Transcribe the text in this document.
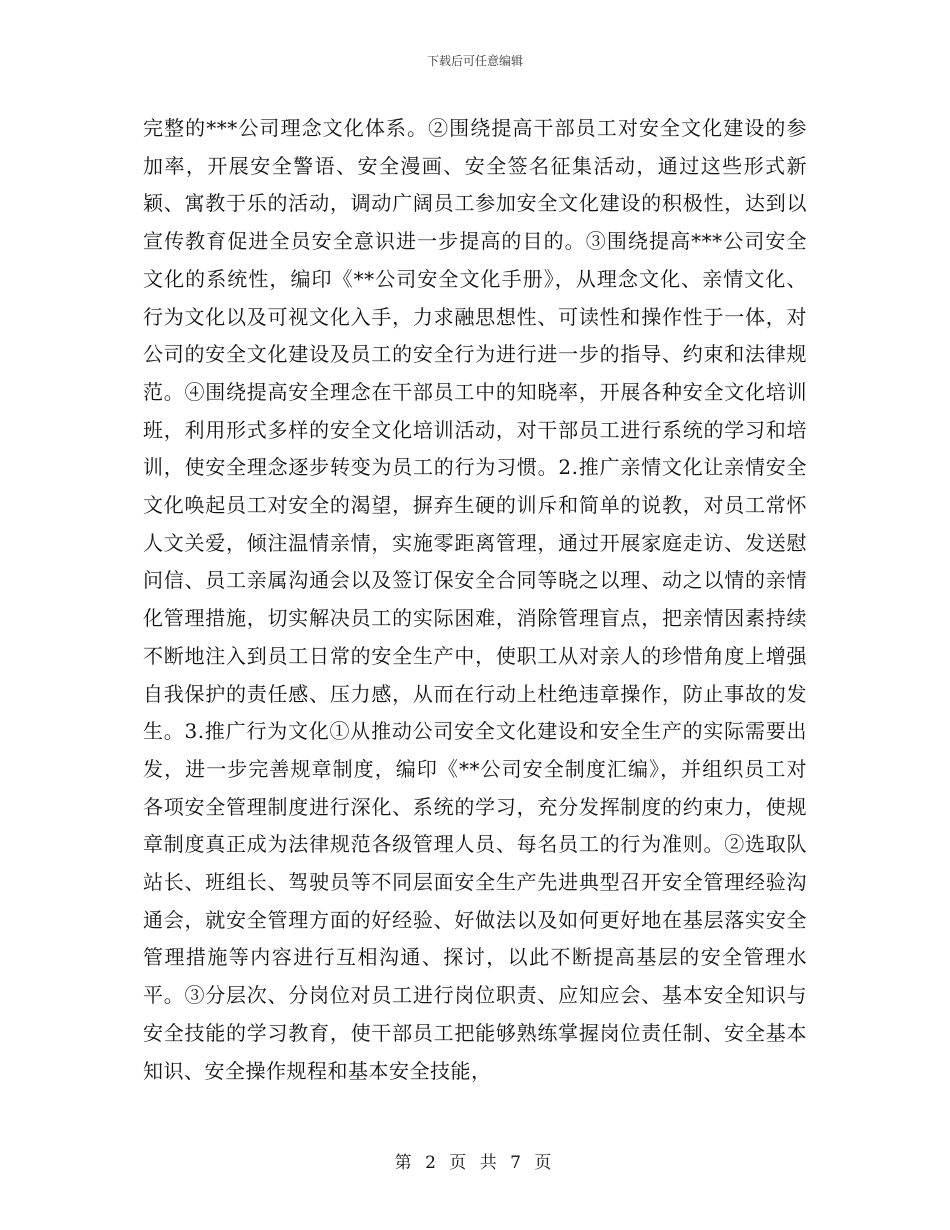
下载后可任意编辑

完整的***公司理念文化体系。②围绕提高干部员工对安全文化建设的参加率，开展安全警语、安全漫画、安全签名征集活动，通过这些形式新颖、寓教于乐的活动，调动广阔员工参加安全文化建设的积极性，达到以宣传教育促进全员安全意识进一步提高的目的。③围绕提高***公司安全文化的系统性，编印《**公司安全文化手册》，从理念文化、亲情文化、行为文化以及可视文化入手，力求融思想性、可读性和操作性于一体，对公司的安全文化建设及员工的安全行为进行进一步的指导、约束和法律规范。④围绕提高安全理念在干部员工中的知晓率，开展各种安全文化培训班，利用形式多样的安全文化培训活动，对干部员工进行系统的学习和培训，使安全理念逐步转变为员工的行为习惯。2.推广亲情文化让亲情安全文化唤起员工对安全的渴望，摒弃生硬的训斥和简单的说教，对员工常怀人文关爱，倾注温情亲情，实施零距离管理，通过开展家庭走访、发送慰问信、员工亲属沟通会以及签订保安全合同等晓之以理、动之以情的亲情化管理措施，切实解决员工的实际困难，消除管理盲点，把亲情因素持续不断地注入到员工日常的安全生产中，使职工从对亲人的珍惜角度上增强自我保护的责任感、压力感，从而在行动上杜绝违章操作，防止事故的发生。3.推广行为文化①从推动公司安全文化建设和安全生产的实际需要出发，进一步完善规章制度，编印《**公司安全制度汇编》，并组织员工对各项安全管理制度进行深化、系统的学习，充分发挥制度的约束力，使规章制度真正成为法律规范各级管理人员、每名员工的行为准则。②选取队站长、班组长、驾驶员等不同层面安全生产先进典型召开安全管理经验沟通会，就安全管理方面的好经验、好做法以及如何更好地在基层落实安全管理措施等内容进行互相沟通、探讨，以此不断提高基层的安全管理水平。③分层次、分岗位对员工进行岗位职责、应知应会、基本安全知识与安全技能的学习教育，使干部员工把能够熟练掌握岗位责任制、安全基本知识、安全操作规程和基本安全技能，

第 2 页 共 7 页
